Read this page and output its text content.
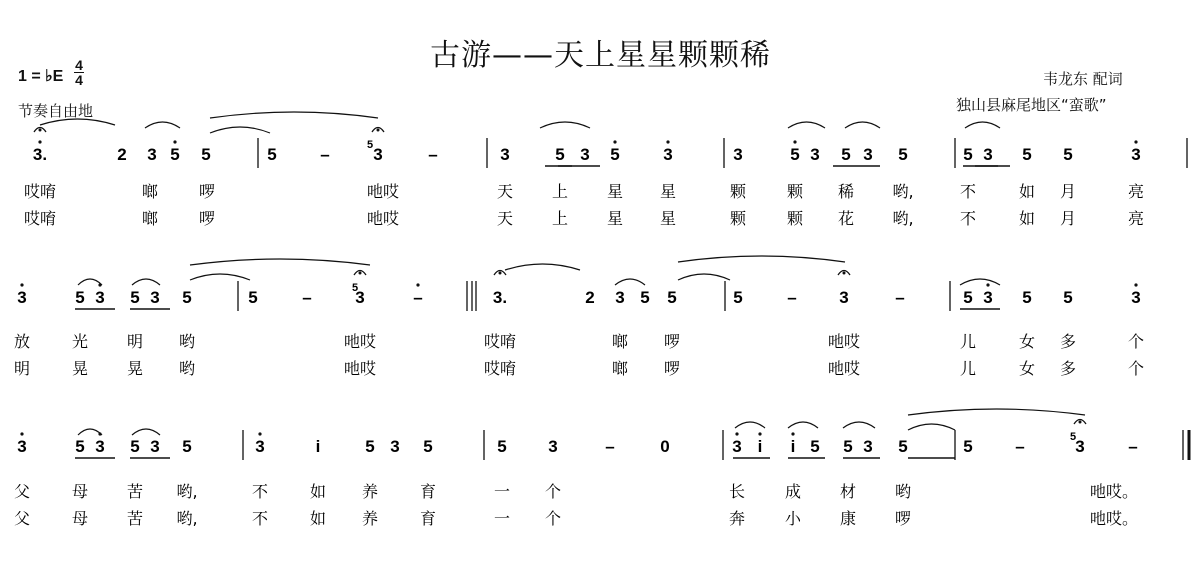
古游——天上星星颗颗稀
1 = ♭E
4
4
节奏自由地
韦龙东 配词
独山县麻尾地区“蛮歌”
3.	2 3 5 5	5	–	3	–	3	5 3 5	3	3	5 3 5 3 5	5 3 5 5	3
5
哎唷	啷	啰	吔哎	天 上 星 星	颗	颗 稀 哟,	不	如 月	亮
哎唷	啷	啰	吔哎	天 上 星 星	颗	颗 花 哟,	不	如 月	亮
3	5 3 5 3 5	5	–	3	–	3.	2 3 5 5	5	–	3	–	5 3 5 5	3
5
放	光 明 哟	吔哎	哎唷	啷 啰	吔哎	儿	女 多	个
明	晃 晃 哟	吔哎	哎唷	啷 啰	吔哎	儿	女 多	个
3	5 3 5 3 5	3	i	5 3 5	5 3	–	0	3 i i 5 5 3 5	5	–	3	–
5
父	母 苦 哟,	不	如 养	育	一 个	长 成 材 哟	吔哎。
父	母 苦 哟,	不	如 养	育	一 个	奔 小 康 啰	吔哎。
